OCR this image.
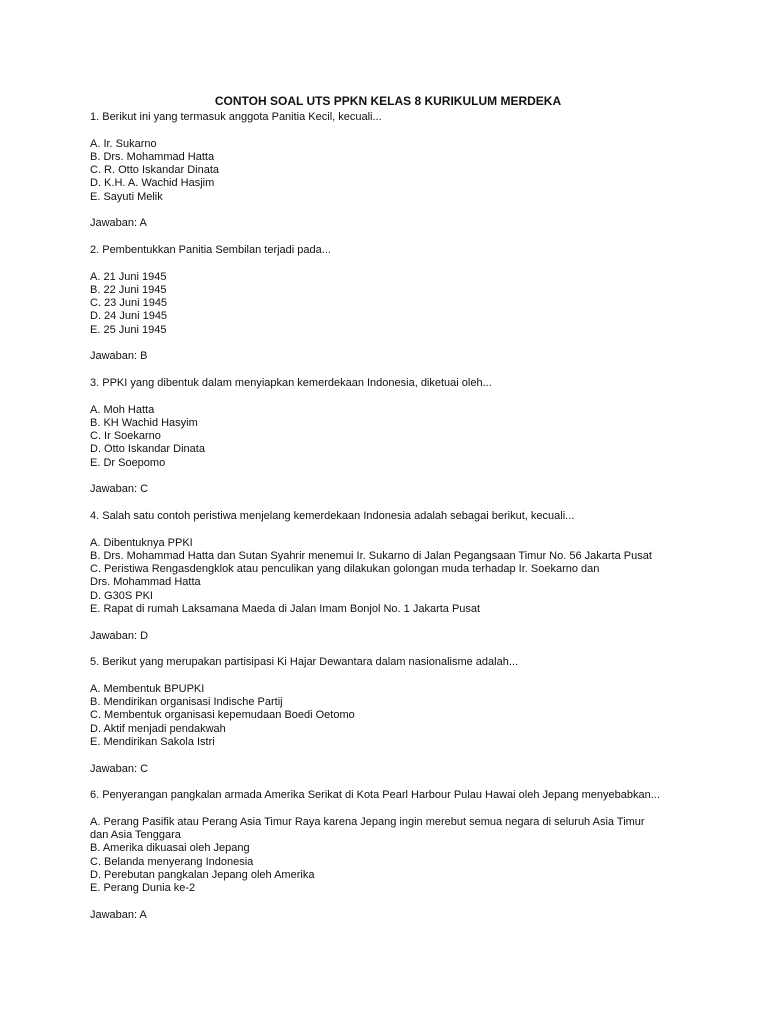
CONTOH SOAL UTS PPKN KELAS 8 KURIKULUM MERDEKA
1. Berikut ini yang termasuk anggota Panitia Kecil, kecuali...
A. Ir. Sukarno
B. Drs. Mohammad Hatta
C. R. Otto Iskandar Dinata
D. K.H. A. Wachid Hasjim
E. Sayuti Melik
Jawaban: A
2. Pembentukkan Panitia Sembilan terjadi pada...
A. 21 Juni 1945
B. 22 Juni 1945
C. 23 Juni 1945
D. 24 Juni 1945
E. 25 Juni 1945
Jawaban: B
3. PPKI yang dibentuk dalam menyiapkan kemerdekaan Indonesia, diketuai oleh...
A. Moh Hatta
B. KH Wachid Hasyim
C. Ir Soekarno
D. Otto Iskandar Dinata
E. Dr Soepomo
Jawaban: C
4. Salah satu contoh peristiwa menjelang kemerdekaan Indonesia adalah sebagai berikut, kecuali...
A. Dibentuknya PPKI
B. Drs. Mohammad Hatta dan Sutan Syahrir menemui Ir. Sukarno di Jalan Pegangsaan Timur No. 56 Jakarta Pusat
C. Peristiwa Rengasdengklok atau penculikan yang dilakukan golongan muda terhadap Ir. Soekarno dan
Drs. Mohammad Hatta
D. G30S PKI
E. Rapat di rumah Laksamana Maeda di Jalan Imam Bonjol No. 1 Jakarta Pusat
Jawaban: D
5. Berikut yang merupakan partisipasi Ki Hajar Dewantara dalam nasionalisme adalah...
A. Membentuk BPUPKI
B. Mendirikan organisasi Indische Partij
C. Membentuk organisasi kepemudaan Boedi Oetomo
D. Aktif menjadi pendakwah
E. Mendirikan Sakola Istri
Jawaban: C
6. Penyerangan pangkalan armada Amerika Serikat di Kota Pearl Harbour Pulau Hawai oleh Jepang menyebabkan...
A. Perang Pasifik atau Perang Asia Timur Raya karena Jepang ingin merebut semua negara di seluruh Asia Timur
dan Asia Tenggara
B. Amerika dikuasai oleh Jepang
C. Belanda menyerang Indonesia
D. Perebutan pangkalan Jepang oleh Amerika
E. Perang Dunia ke-2
Jawaban: A
